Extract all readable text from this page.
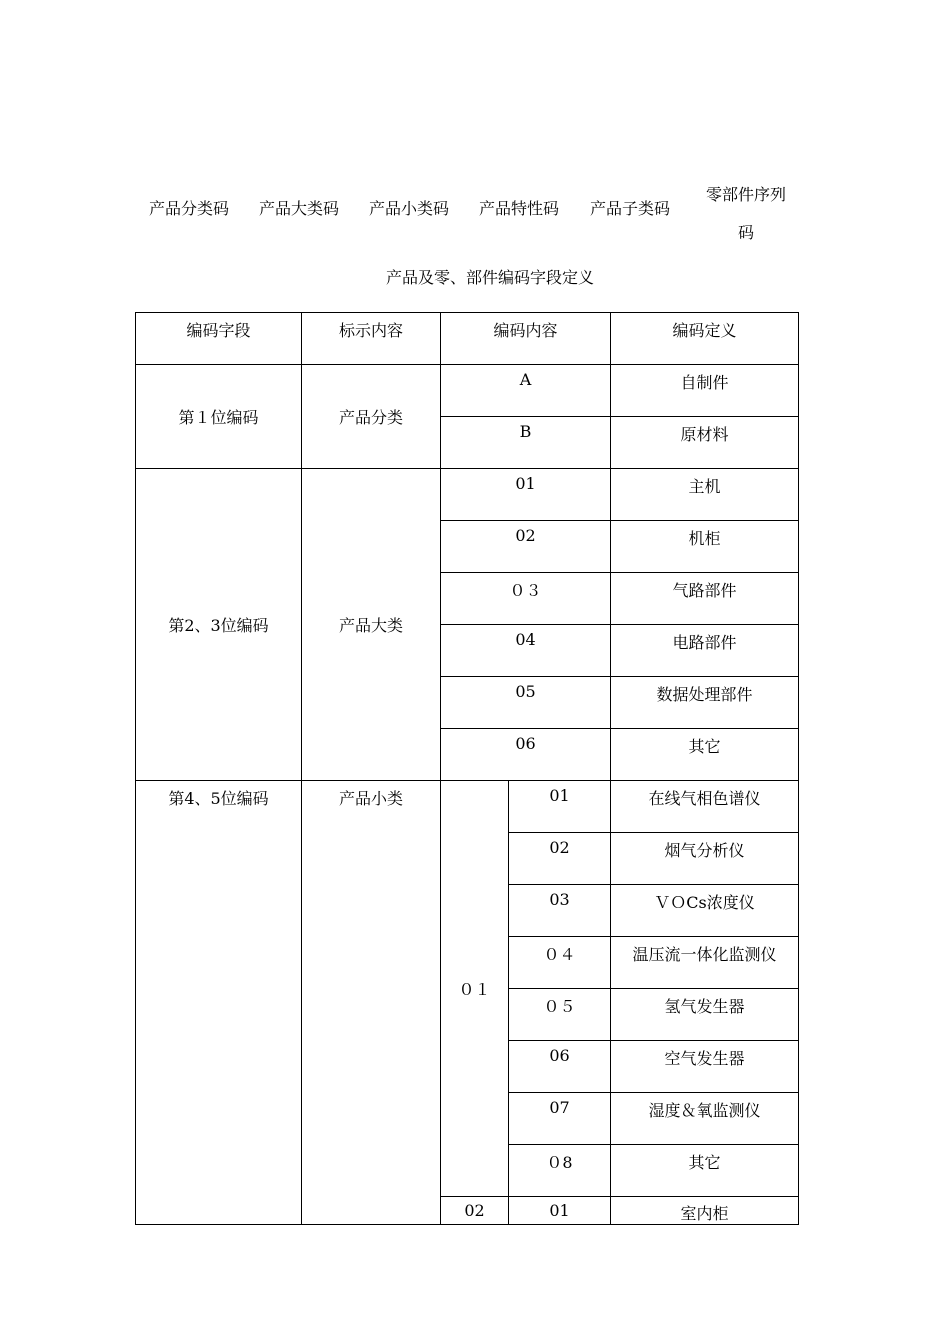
产品分类码 产品大类码 产品小类码 产品特性码 产品子类码
零部件序列
码
产品及零、部件编码字段定义
编码字段	标示内容	编码内容		编码定义
第１位编码	产品分类	A		自制件
		B		原材料
第2、3位编码	产品大类	01		主机
		02		机柜
		０３		气路部件
		04		电路部件
		05		数据处理部件
		06		其它
第4、5位编码	产品小类	０１	01	在线气相色谱仪
			02	烟气分析仪
			03	ＶＯCs浓度仪
			０４	温压流一体化监测仪
			０５	氢气发生器
			06	空气发生器
			07	湿度＆氧监测仪
			０8	其它
		02	01	室内柜
